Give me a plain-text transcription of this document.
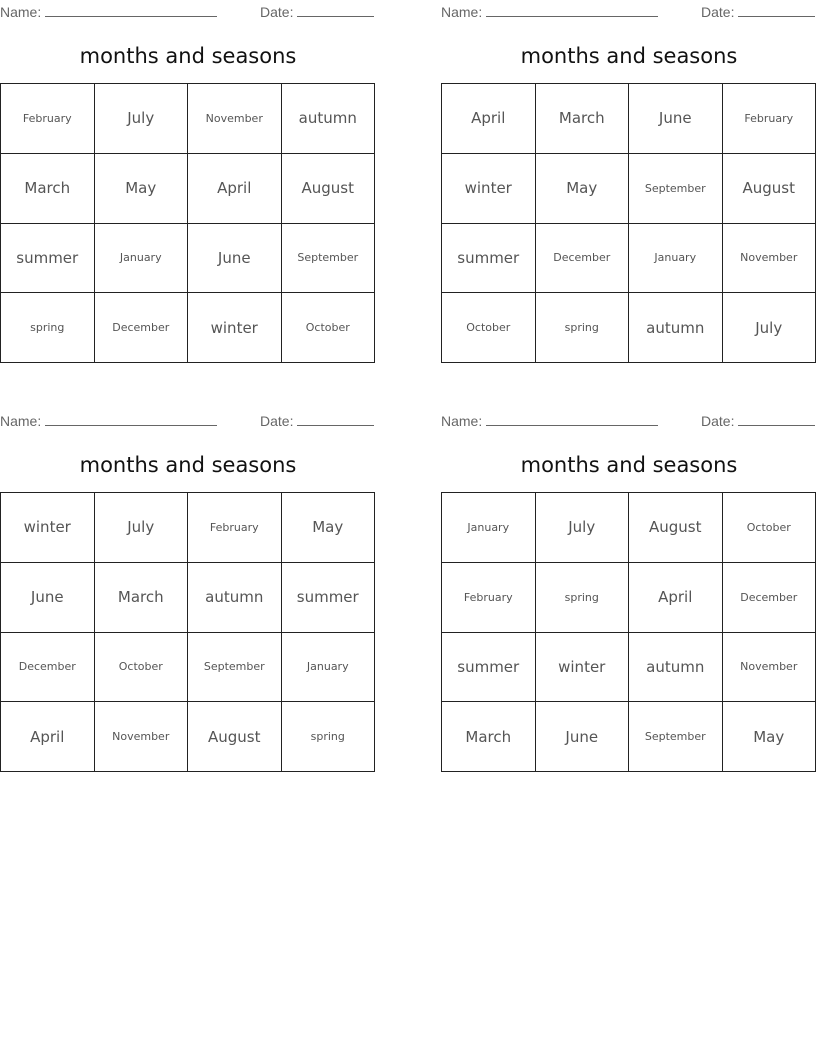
Name:	Date:
months and seasons
February	July	November	autumn
March	May	April	August
summer	January	June	September
spring	December	winter	October
Name:	Date:
months and seasons
April	March	June	February
winter	May	September	August
summer	December	January	November
October	spring	autumn	July
Name:	Date:
months and seasons
winter	July	February	May
June	March	autumn	summer
December	October	September	January
April	November	August	spring
Name:	Date:
months and seasons
January	July	August	October
February	spring	April	December
summer	winter	autumn	November
March	June	September	May
